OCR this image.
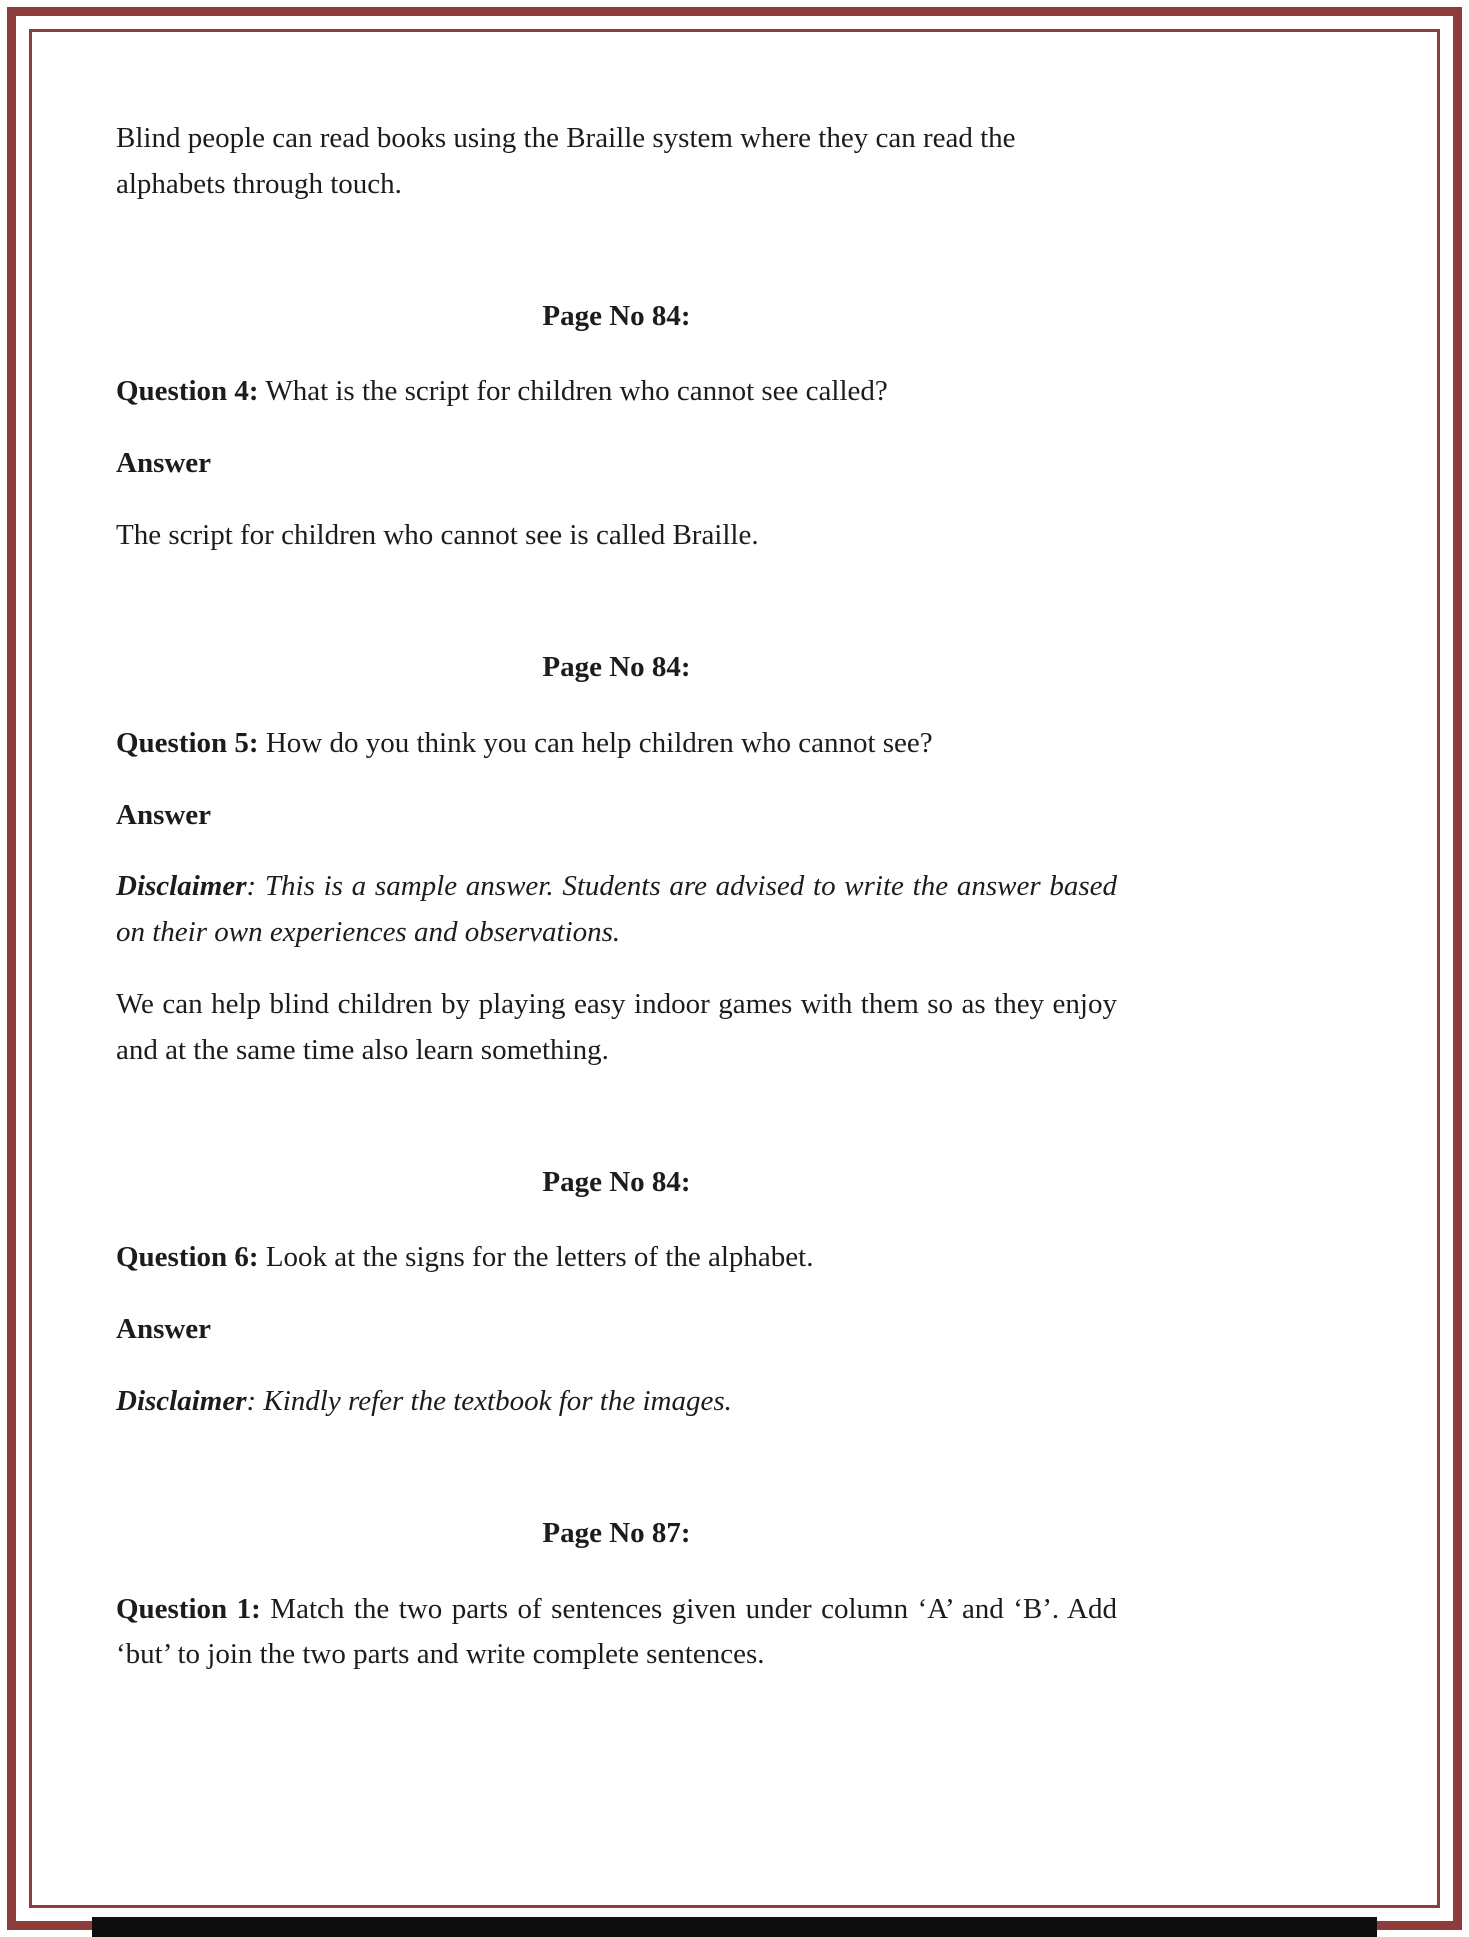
Blind people can read books using the Braille system where they can read the alphabets through touch.

Page No 84:

Question 4: What is the script for children who cannot see called?

Answer

The script for children who cannot see is called Braille.

Page No 84:

Question 5: How do you think you can help children who cannot see?

Answer

Disclaimer: This is a sample answer. Students are advised to write the answer based on their own experiences and observations.

We can help blind children by playing easy indoor games with them so as they enjoy and at the same time also learn something.

Page No 84:

Question 6: Look at the signs for the letters of the alphabet.

Answer

Disclaimer: Kindly refer the textbook for the images.

Page No 87:

Question 1: Match the two parts of sentences given under column ‘A’ and ‘B’. Add ‘but’ to join the two parts and write complete sentences.
